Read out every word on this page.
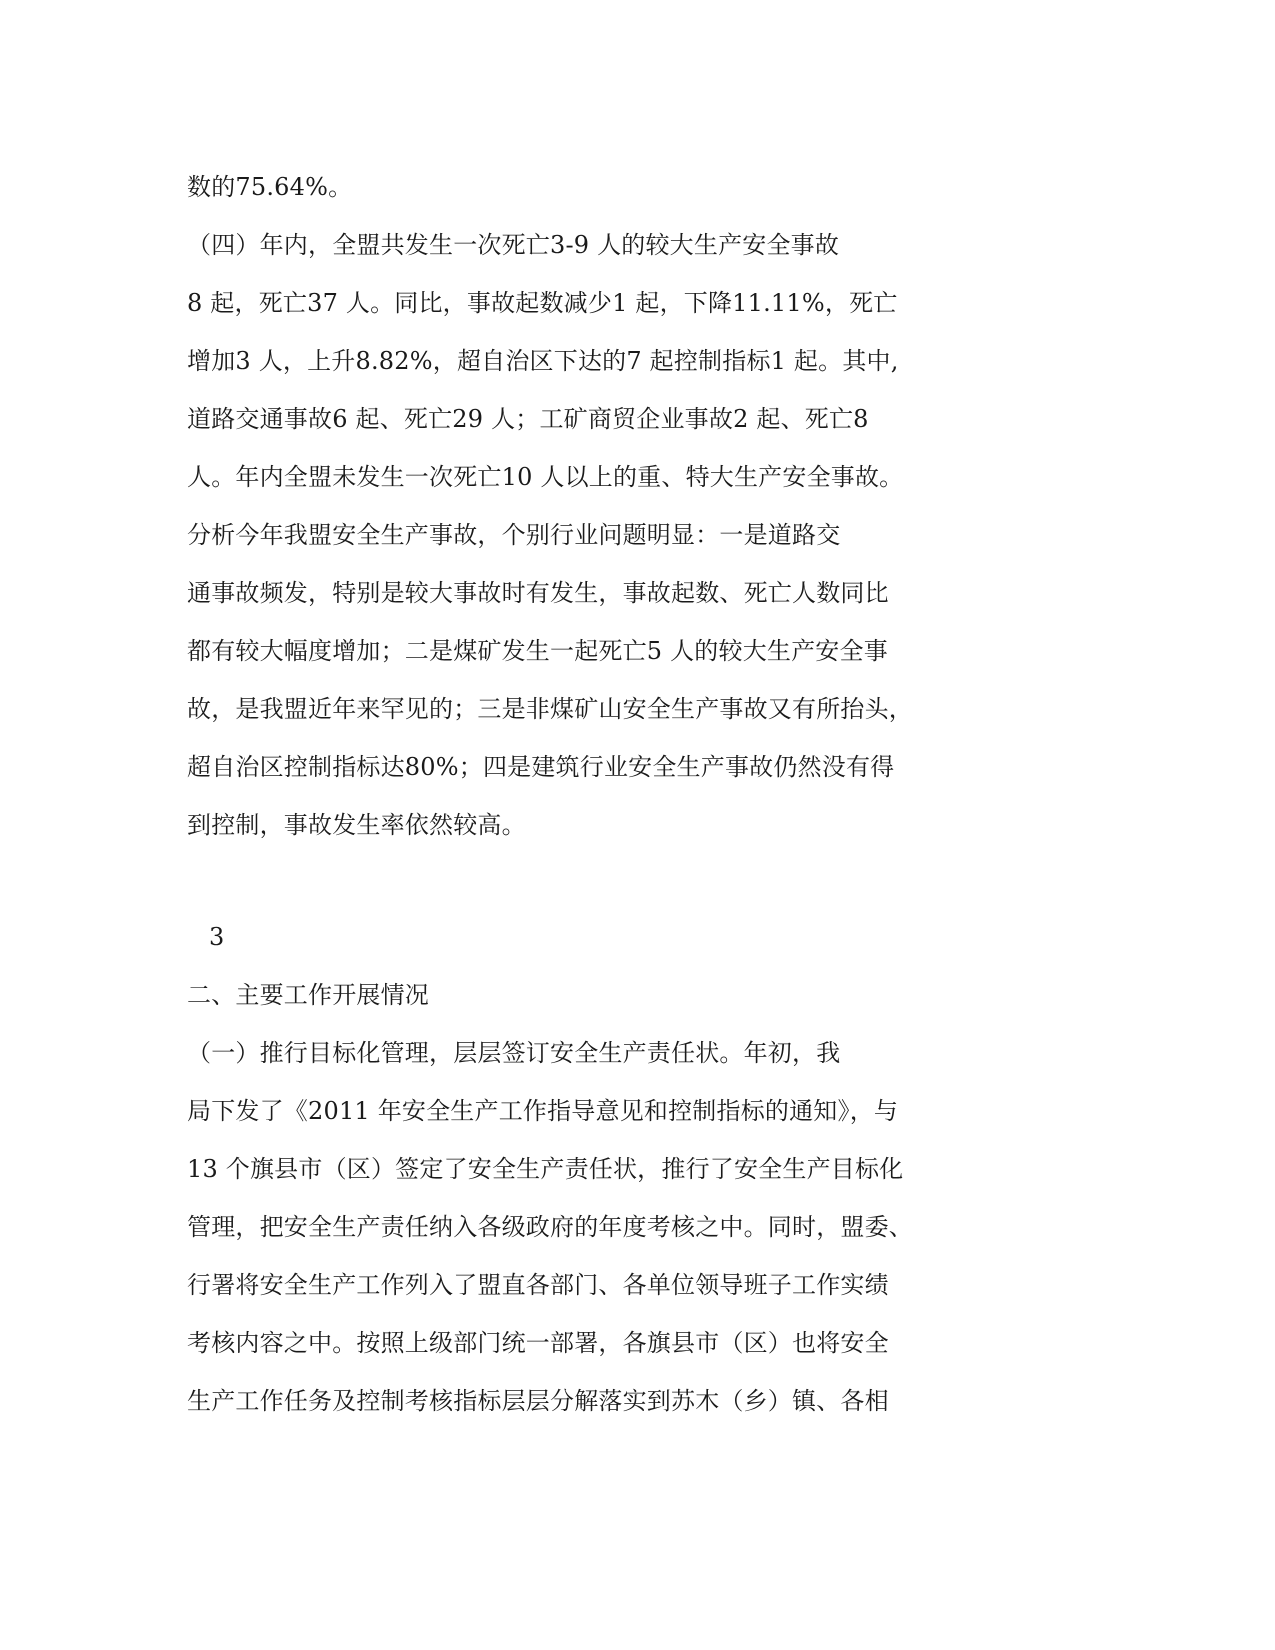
数的75.64%。
（四）年内，全盟共发生一次死亡3-9 人的较大生产安全事故
8 起，死亡37 人。同比，事故起数减少1 起，下降11.11%，死亡
增加3 人，上升8.82%，超自治区下达的7 起控制指标1 起。其中,
道路交通事故6 起、死亡29 人；工矿商贸企业事故2 起、死亡8
人。年内全盟未发生一次死亡10 人以上的重、特大生产安全事故。
分析今年我盟安全生产事故，个别行业问题明显：一是道路交
通事故频发，特别是较大事故时有发生，事故起数、死亡人数同比
都有较大幅度增加；二是煤矿发生一起死亡5 人的较大生产安全事
故，是我盟近年来罕见的；三是非煤矿山安全生产事故又有所抬头，
超自治区控制指标达80%；四是建筑行业安全生产事故仍然没有得
到控制，事故发生率依然较高。
3
二、主要工作开展情况
（一）推行目标化管理，层层签订安全生产责任状。年初，我
局下发了《2011 年安全生产工作指导意见和控制指标的通知》，与
13 个旗县市（区）签定了安全生产责任状，推行了安全生产目标化
管理，把安全生产责任纳入各级政府的年度考核之中。同时，盟委、
行署将安全生产工作列入了盟直各部门、各单位领导班子工作实绩
考核内容之中。按照上级部门统一部署，各旗县市（区）也将安全
生产工作任务及控制考核指标层层分解落实到苏木（乡）镇、各相
